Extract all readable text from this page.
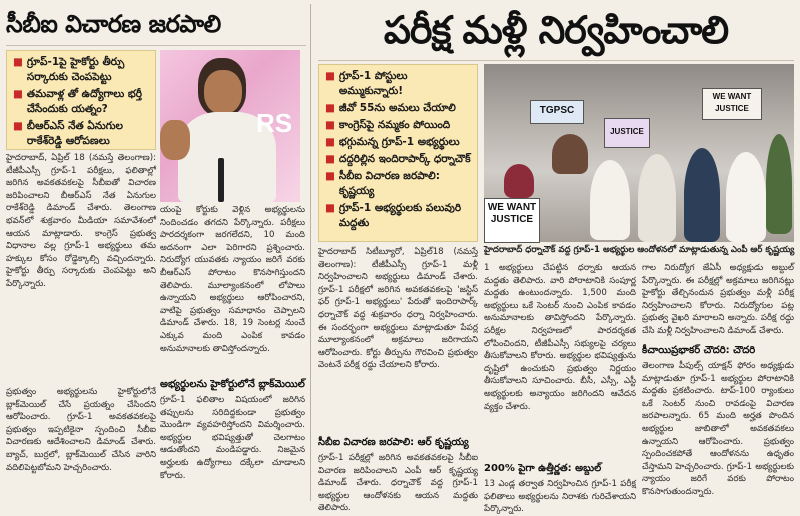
సీబీఐ విచారణ జరపాలి
■ గ్రూప్-1పై హైకోర్టు తీర్పు సర్కారుకు చెంపపెట్టు
■ తమవాళ్ల తో ఉద్యోగాలు భర్తీ చేసేందుకు యత్నం?
■ బీఆర్ఎస్ నేత ఏనుగుల రాకేశ్‌రెడ్డి ఆరోపణలు
RS
హైదరాబాద్, ఏప్రిల్ 18 (నమస్తే తెలంగాణ): టీజీపీఎస్సీ గ్రూప్-1 పరీక్షలు, ఫలితాల్లో జరిగిన అవకతవకలపై సీబీఐతో విచారణ జరిపించాలని బీఆర్ఎస్ నేత ఏనుగుల రాకేశ్‌రెడ్డి డిమాండ్ చేశారు. తెలంగాణ భవన్‌లో శుక్రవారం మీడియా సమావేశంలో ఆయన మాట్లాడారు. కాంగ్రెస్ ప్రభుత్వ విధానాల వల్ల గ్రూప్-1 అభ్యర్థులు తమ హక్కుల కోసం రోడ్డెక్కాల్సి వచ్చిందన్నారు. హైకోర్టు తీర్పు సర్కారుకు చెంపపెట్టు అని పేర్కొన్నారు.
యంపై కోర్టుకు వెళ్లిన అభ్యర్థులను నిందించడం తగదని పేర్కొన్నారు. పరీక్షలు పారదర్శకంగా జరగలేదని, 10 మంది అదనంగా ఎలా పెరిగారని ప్రశ్నించారు. నిరుద్యోగ యువతకు న్యాయం జరిగే వరకు బీఆర్ఎస్ పోరాటం కొనసాగిస్తుందని తెలిపారు. మూల్యాంకనంలో లోపాలు ఉన్నాయని అభ్యర్థులు ఆరోపించారని, వాటిపై ప్రభుత్వం సమాధానం చెప్పాలని డిమాండ్ చేశారు. 18, 19 సెంటర్ల నుంచే ఎక్కువ మంది ఎంపిక కావడం అనుమానాలకు తావిస్తోందన్నారు.
అభ్యర్థులను హైకోర్టులోనే బ్లాక్‌మెయిల్
ప్రభుత్వం అభ్యర్థులను హైకోర్టులోనే బ్లాక్‌మెయిల్ చేసే ప్రయత్నం చేసిందని ఆరోపించారు. గ్రూప్-1 అవకతవకలపై ప్రభుత్వం ఇప్పటికైనా స్పందించి సీబీఐ విచారణకు ఆదేశించాలని డిమాండ్ చేశారు. బ్యాచ్, బుర్రలో, బ్లాక్‌మెయిల్ చేసిన వారిని వదిలిపెట్టబోమని హెచ్చరించారు.
గ్రూప్-1 ఫలితాల విషయంలో జరిగిన తప్పులను సరిదిద్దకుండా ప్రభుత్వం మొండిగా వ్యవహరిస్తోందని విమర్శించారు. అభ్యర్థుల భవిష్యత్తుతో చెలగాటం ఆడుతోందని మండిపడ్డారు. నిజమైన అర్హులకు ఉద్యోగాలు దక్కేలా చూడాలని కోరారు.
పరీక్ష మళ్లీ నిర్వహించాలి
■ గ్రూప్-1 పోస్టులు అమ్ముకున్నారు!
■ జీవో 55ను అమలు చేయాలి
■ కాంగ్రెస్‌పై నమ్మకం పోయింది
■ భగ్గుమన్న గ్రూప్-1 అభ్యర్థులు
■ దద్దరిల్లిన ఇందిరాపార్క్ ధర్నాచౌక్
■ సీబీఐ విచారణ జరపాలి: కృష్ణయ్య
■ గ్రూప్-1 అభ్యర్థులకు పలువురి మద్దతు
TGPSC
WE WANT JUSTICE
WE WANT JUSTICE
JUSTICE
హైదరాబాద్ ధర్నాచౌక్ వద్ద గ్రూప్-1 అభ్యర్థుల ఆందోళనలో మాట్లాడుతున్న ఎంపీ ఆర్ కృష్ణయ్య
హైదరాబాద్ సిటీబ్యూరో, ఏప్రిల్18 (నమస్తే తెలంగాణ): టీజీపీఎస్సీ గ్రూప్-1 మళ్లీ నిర్వహించాలని అభ్యర్థులు డిమాండ్ చేశారు. గ్రూప్-1 పరీక్షలో జరిగిన అవకతవకలపై 'జస్టిస్ ఫర్ గ్రూప్-1 అభ్యర్థులు' పేరుతో ఇందిరాపార్క్ ధర్నాచౌక్ వద్ద శుక్రవారం ధర్నా నిర్వహించారు. ఈ సందర్భంగా అభ్యర్థులు మాట్లాడుతూ పేపర్ల మూల్యాంకనంలో అక్రమాలు జరిగాయని ఆరోపించారు. కోర్టు తీర్పును గౌరవించి ప్రభుత్వం వెంటనే పరీక్ష రద్దు చేయాలని కోరారు.
సీబీఐ విచారణ జరపాలి: ఆర్ కృష్ణయ్య
గ్రూప్-1 పరీక్షల్లో జరిగిన అవకతవకలపై సీబీఐ విచారణ జరిపించాలని ఎంపీ ఆర్ కృష్ణయ్య డిమాండ్ చేశారు. ధర్నాచౌక్ వద్ద గ్రూప్-1 అభ్యర్థుల ఆందోళనకు ఆయన మద్దతు తెలిపారు.
1 అభ్యర్థులు చేపట్టిన ధర్నాకు ఆయన మద్దతు తెలిపారు. వారి పోరాటానికి సంపూర్ణ మద్దతు ఉంటుందన్నారు. 1,500 మంది అభ్యర్థులు ఒకే సెంటర్ నుంచి ఎంపిక కావడం అనుమానాలకు తావిస్తోందని పేర్కొన్నారు. పరీక్షల నిర్వహణలో పారదర్శకత లోపించిందని, టీజీపీఎస్సీ సభ్యులపై చర్యలు తీసుకోవాలని కోరారు. అభ్యర్థుల భవిష్యత్తును దృష్టిలో ఉంచుకుని ప్రభుత్వం నిర్ణయం తీసుకోవాలని సూచించారు. బీసీ, ఎస్సీ, ఎస్టీ అభ్యర్థులకు అన్యాయం జరిగిందని ఆవేదన వ్యక్తం చేశారు.
200% పైగా ఉత్తీర్ణత: అబ్దుల్
13 ఎండ్ల తర్వాత నిర్వహించిన గ్రూప్-1 పరీక్ష ఫలితాలు అభ్యర్థులను నిరాశకు గురిచేశాయని పేర్కొన్నారు.
గాల నిరుద్యోగ జేఏసీ అధ్యక్షుడు అబ్దుల్ పేర్కొన్నారు. ఈ పరీక్షల్లో అక్రమాలు జరిగినట్లు హైకోర్టు తేల్చినందున ప్రభుత్వం మళ్లీ పరీక్ష నిర్వహించాలని కోరారు. నిరుద్యోగుల పట్ల ప్రభుత్వ వైఖరి మారాలని అన్నారు. పరీక్ష రద్దు చేసి మళ్లీ నిర్వహించాలని డిమాండ్ చేశారు.
కీచాయిప్రభాకర్ చౌదరి: చౌదరి
తెలంగాణ పీపుల్స్ యాక్షన్ ఫోరం అధ్యక్షుడు మాట్లాడుతూ గ్రూప్-1 అభ్యర్థుల పోరాటానికి మద్దతు ప్రకటించారు. టాప్-100 ర్యాంకులు ఒకే సెంటర్ నుంచి రావడంపై విచారణ జరపాలన్నారు. 65 మంది అర్హత పొందిన అభ్యర్థుల జాబితాలో అవకతవకలు ఉన్నాయని ఆరోపించారు. ప్రభుత్వం స్పందించకపోతే ఆందోళనను ఉధృతం చేస్తామని హెచ్చరించారు. గ్రూప్-1 అభ్యర్థులకు న్యాయం జరిగే వరకు పోరాటం కొనసాగుతుందన్నారు.
